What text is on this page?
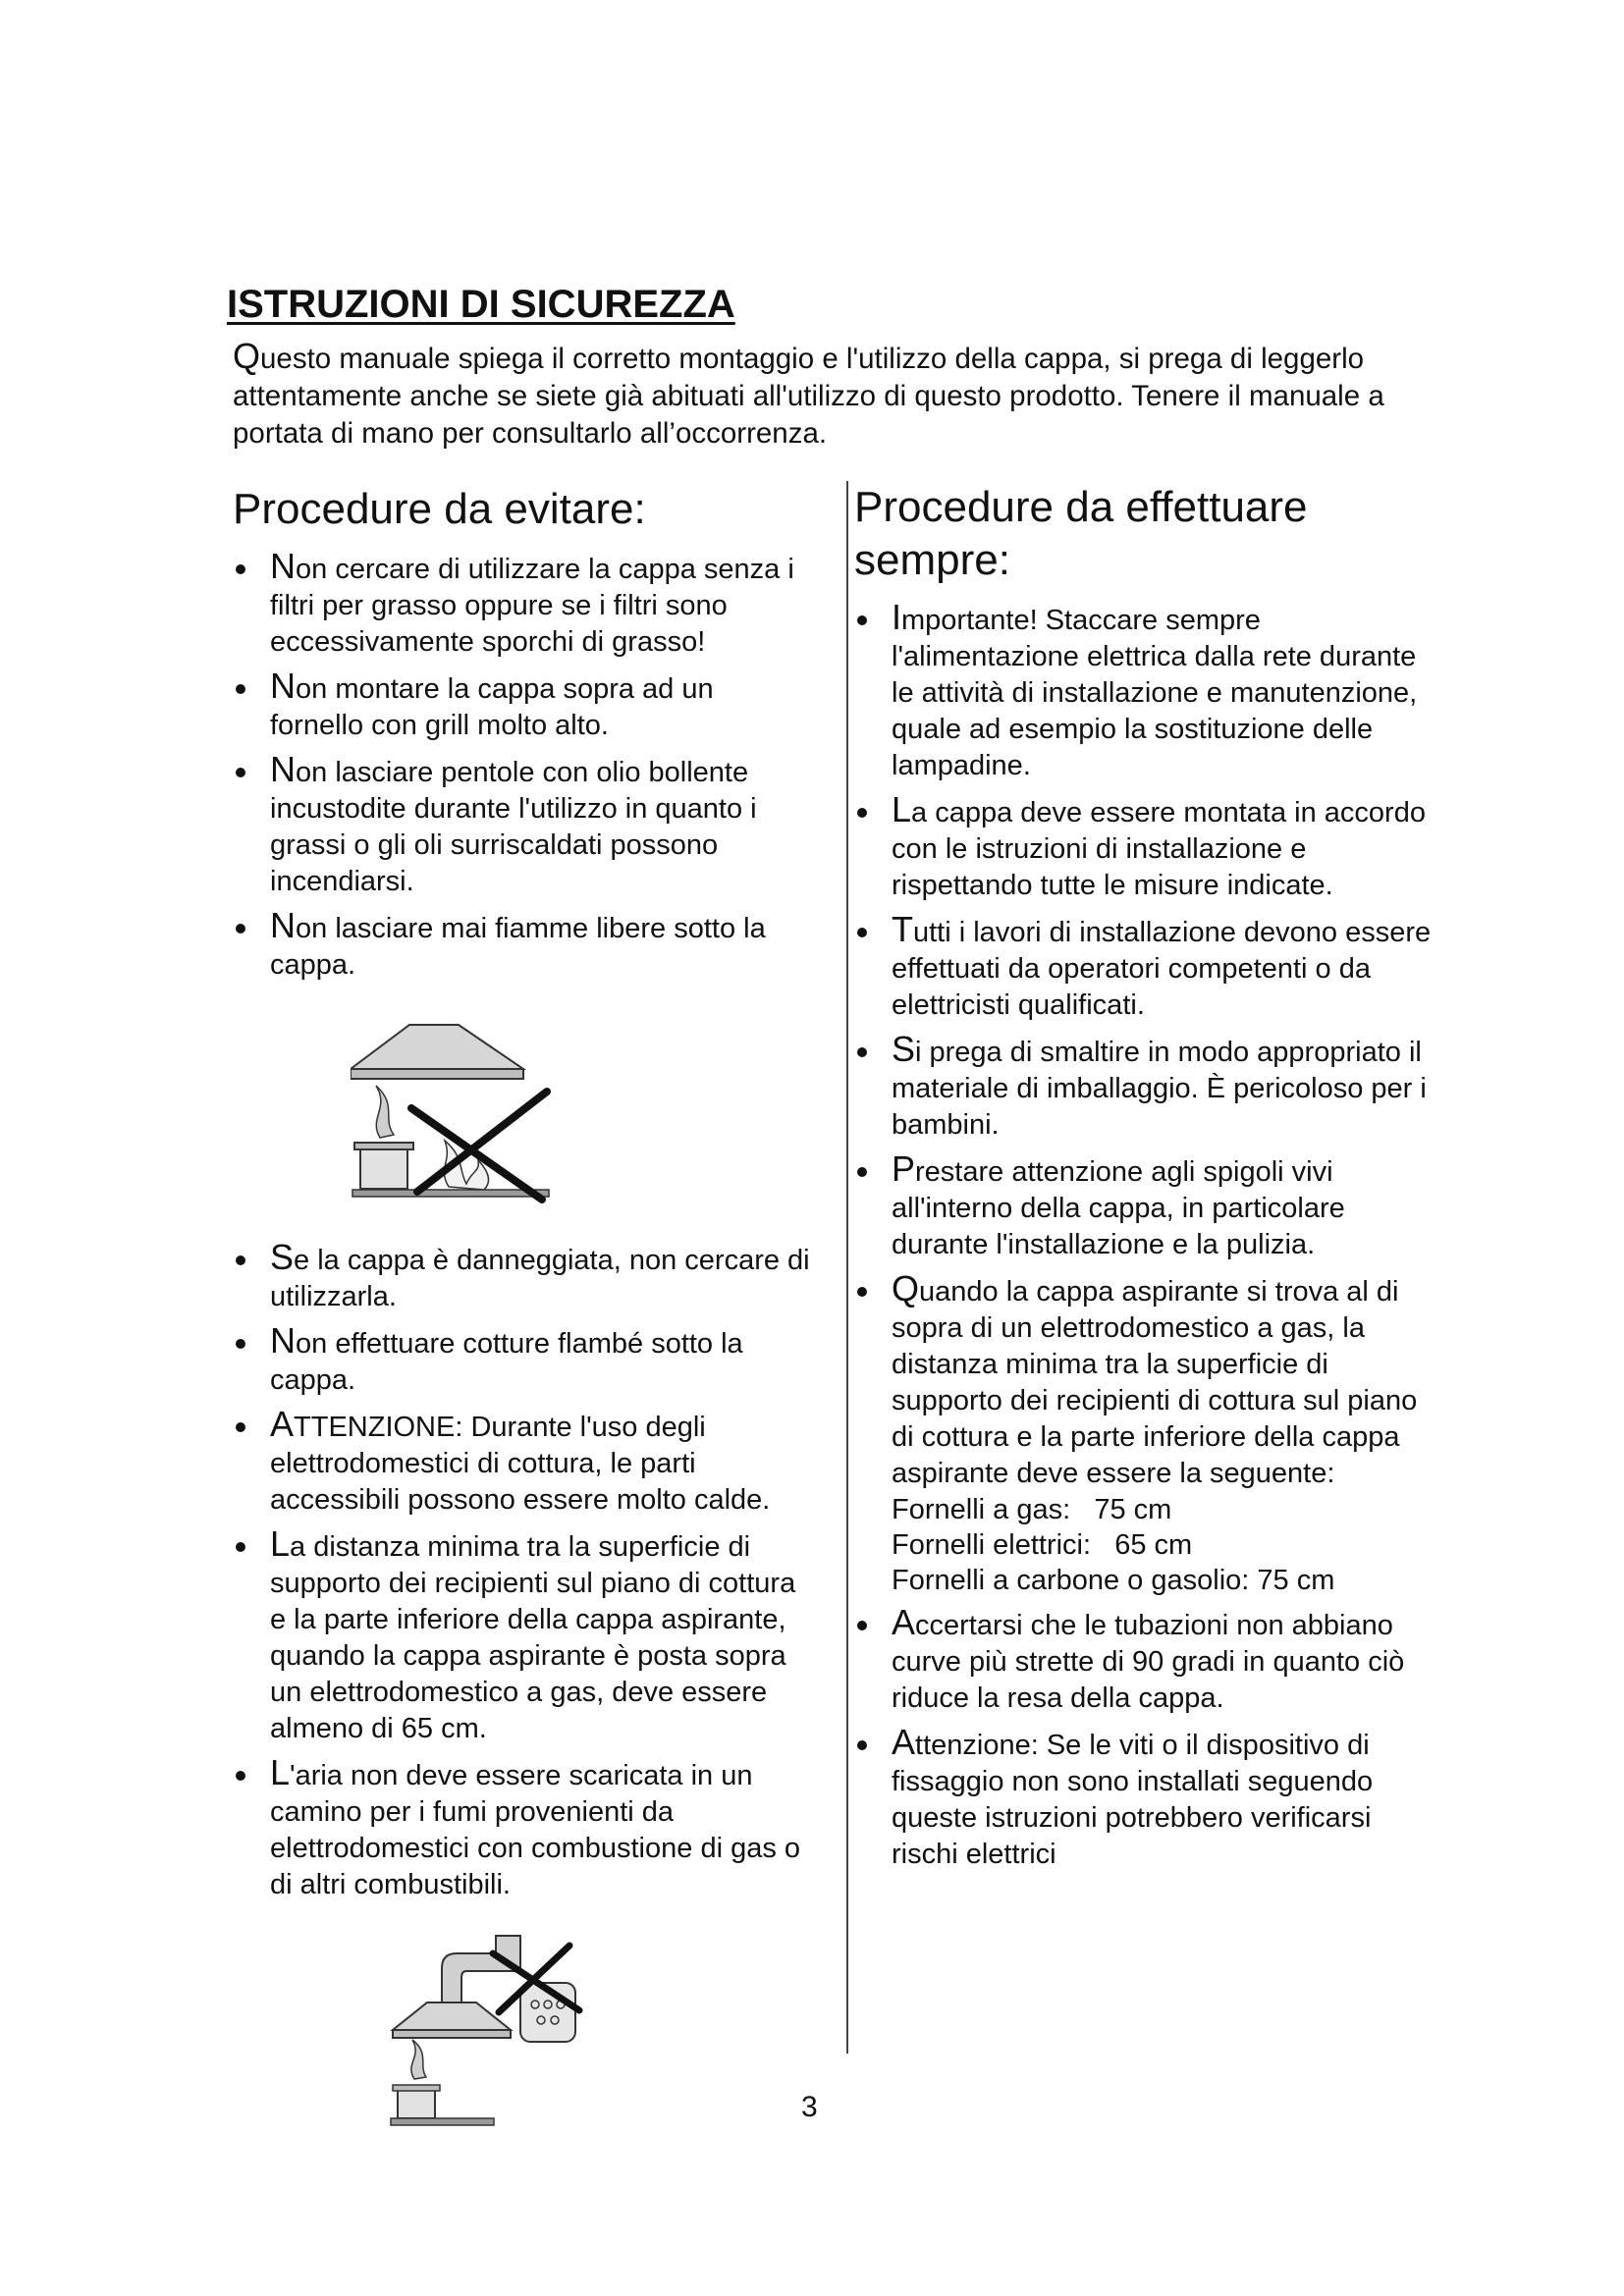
ISTRUZIONI DI SICUREZZA

Questo manuale spiega il corretto montaggio e l'utilizzo della cappa, si prega di leggerlo attentamente anche se siete già abituati all'utilizzo di questo prodotto. Tenere il manuale a portata di mano per consultarlo all’occorrenza.

Procedure da evitare:
Non cercare di utilizzare la cappa senza i filtri per grasso oppure se i filtri sono eccessivamente sporchi di grasso!
Non montare la cappa sopra ad un fornello con grill molto alto.
Non lasciare pentole con olio bollente incustodite durante l'utilizzo in quanto i grassi o gli oli surriscaldati possono incendiarsi.
Non lasciare mai fiamme libere sotto la cappa.
Se la cappa è danneggiata, non cercare di utilizzarla.
Non effettuare cotture flambé sotto la cappa.
ATTENZIONE: Durante l'uso degli elettrodomestici di cottura, le parti accessibili possono essere molto calde.
La distanza minima tra la superficie di supporto dei recipienti sul piano di cottura e la parte inferiore della cappa aspirante, quando la cappa aspirante è posta sopra un elettrodomestico a gas, deve essere almeno di 65 cm.
L'aria non deve essere scaricata in un camino per i fumi provenienti da elettrodomestici con combustione di gas o di altri combustibili.
Procedure da effettuare sempre:
Importante! Staccare sempre l'alimentazione elettrica dalla rete durante le attività di installazione e manutenzione, quale ad esempio la sostituzione delle lampadine.
La cappa deve essere montata in accordo con le istruzioni di installazione e rispettando tutte le misure indicate.
Tutti i lavori di installazione devono essere effettuati da operatori competenti o da elettricisti qualificati.
Si prega di smaltire in modo appropriato il materiale di imballaggio. È pericoloso per i bambini.
Prestare attenzione agli spigoli vivi all'interno della cappa, in particolare durante l'installazione e la pulizia.
Quando la cappa aspirante si trova al di sopra di un elettrodomestico a gas, la distanza minima tra la superficie di supporto dei recipienti di cottura sul piano di cottura e la parte inferiore della cappa aspirante deve essere la seguente:
Fornelli a gas:   75 cm
Fornelli elettrici:   65 cm
Fornelli a carbone o gasolio: 75 cm
Accertarsi che le tubazioni non abbiano curve più strette di 90 gradi in quanto ciò riduce la resa della cappa.
Attenzione: Se le viti o il dispositivo di fissaggio non sono installati seguendo queste istruzioni potrebbero verificarsi rischi elettrici
3
